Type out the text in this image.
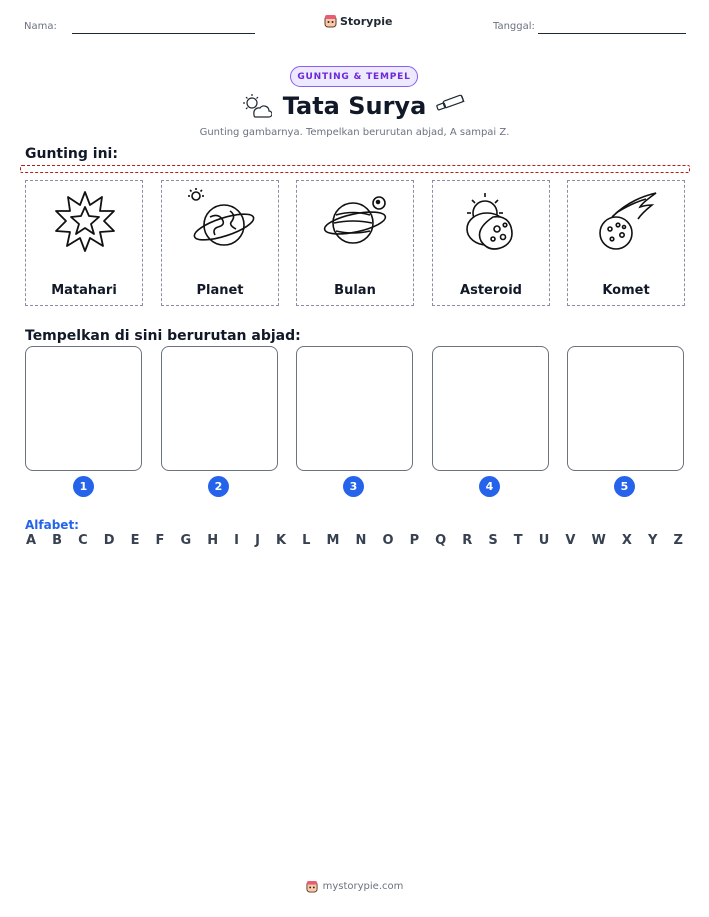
Nama:	Storypie	Tanggal:
GUNTING & TEMPEL
Tata Surya
Gunting gambarnya. Tempelkan berurutan abjad, A sampai Z.
Gunting ini:
Matahari	Planet	Bulan	Asteroid	Komet
Tempelkan di sini berurutan abjad:
1	2	3	4	5
Alfabet:
A B C D E F G H I J K L M N O P Q R S T U V W X Y Z
mystorypie.com
